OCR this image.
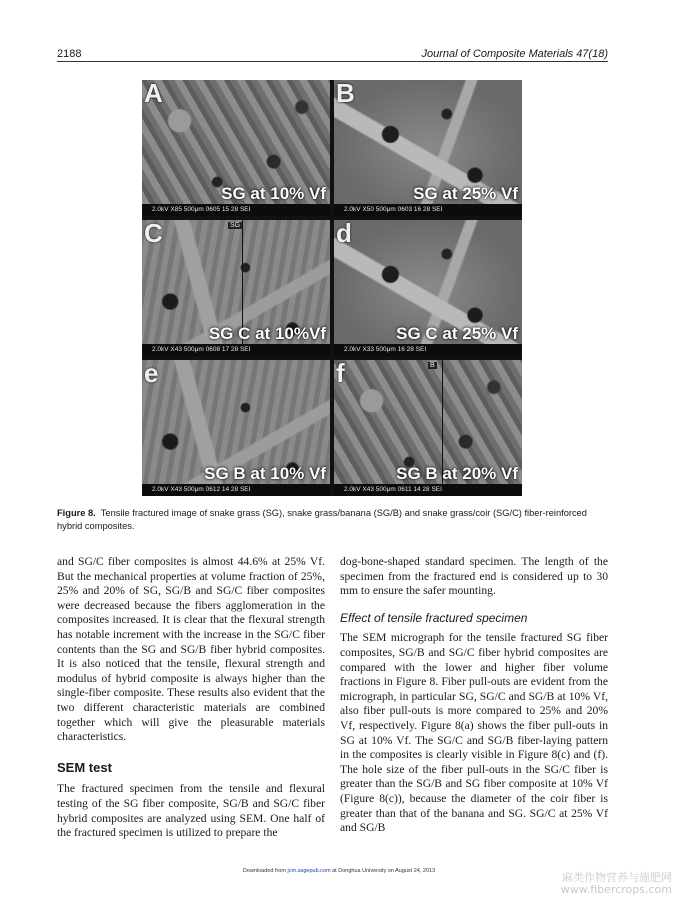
2188	Journal of Composite Materials 47(18)
A
SG at 10% Vf
2.0kV X85 500μm 0605 15 28 SEI
B
SG at 25% Vf
2.0kV X50 500μm 0603 16 28 SEI
C	SG
SG C at 10%Vf
2.0kV X43 500μm 0608 17 28 SEI
d
SG C at 25% Vf
2.0kV X33 500μm 16 28 SEI
e
SG B at 10% Vf
2.0kV X43 500μm 0612 14 28 SEI
f	B
SG B at 20% Vf
2.0kV X43 500μm 0611 14 28 SEI
Figure 8. Tensile fractured image of snake grass (SG), snake grass/banana (SG/B) and snake grass/coir (SG/C) fiber-reinforced hybrid composites.

and SG/C fiber composites is almost 44.6% at 25% Vf. But the mechanical properties at volume fraction of 25%, 25% and 20% of SG, SG/B and SG/C fiber composites were decreased because the fibers agglomeration in the composites increased. It is clear that the flexural strength has notable increment with the increase in the SG/C fiber contents than the SG and SG/B fiber hybrid composites. It is also noticed that the tensile, flexural strength and modulus of hybrid composite is always higher than the single-fiber composite. These results also evident that the two different characteristic materials are combined together which will give the pleasurable materials characteristics.

SEM test

The fractured specimen from the tensile and flexural testing of the SG fiber composite, SG/B and SG/C fiber hybrid composites are analyzed using SEM. One half of the fractured specimen is utilized to prepare the

dog-bone-shaped standard specimen. The length of the specimen from the fractured end is considered up to 30 mm to ensure the safer mounting.

Effect of tensile fractured specimen

The SEM micrograph for the tensile fractured SG fiber composites, SG/B and SG/C fiber hybrid composites are compared with the lower and higher fiber volume fractions in Figure 8. Fiber pull-outs are evident from the micrograph, in particular SG, SG/C and SG/B at 10% Vf, also fiber pull-outs is more compared to 25% and 20% Vf, respectively. Figure 8(a) shows the fiber pull-outs in SG at 10% Vf. The SG/C and SG/B fiber-laying pattern in the composites is clearly visible in Figure 8(c) and (f). The hole size of the fiber pull-outs in the SG/C fiber is greater than the SG/B and SG fiber composite at 10% Vf (Figure 8(c)), because the diameter of the coir fiber is greater than that of the banana and SG. SG/C at 25% Vf and SG/B

Downloaded from jcm.sagepub.com at Donghua University on August 24, 2013	麻类作物营养与施肥网
www.fibercrops.com
